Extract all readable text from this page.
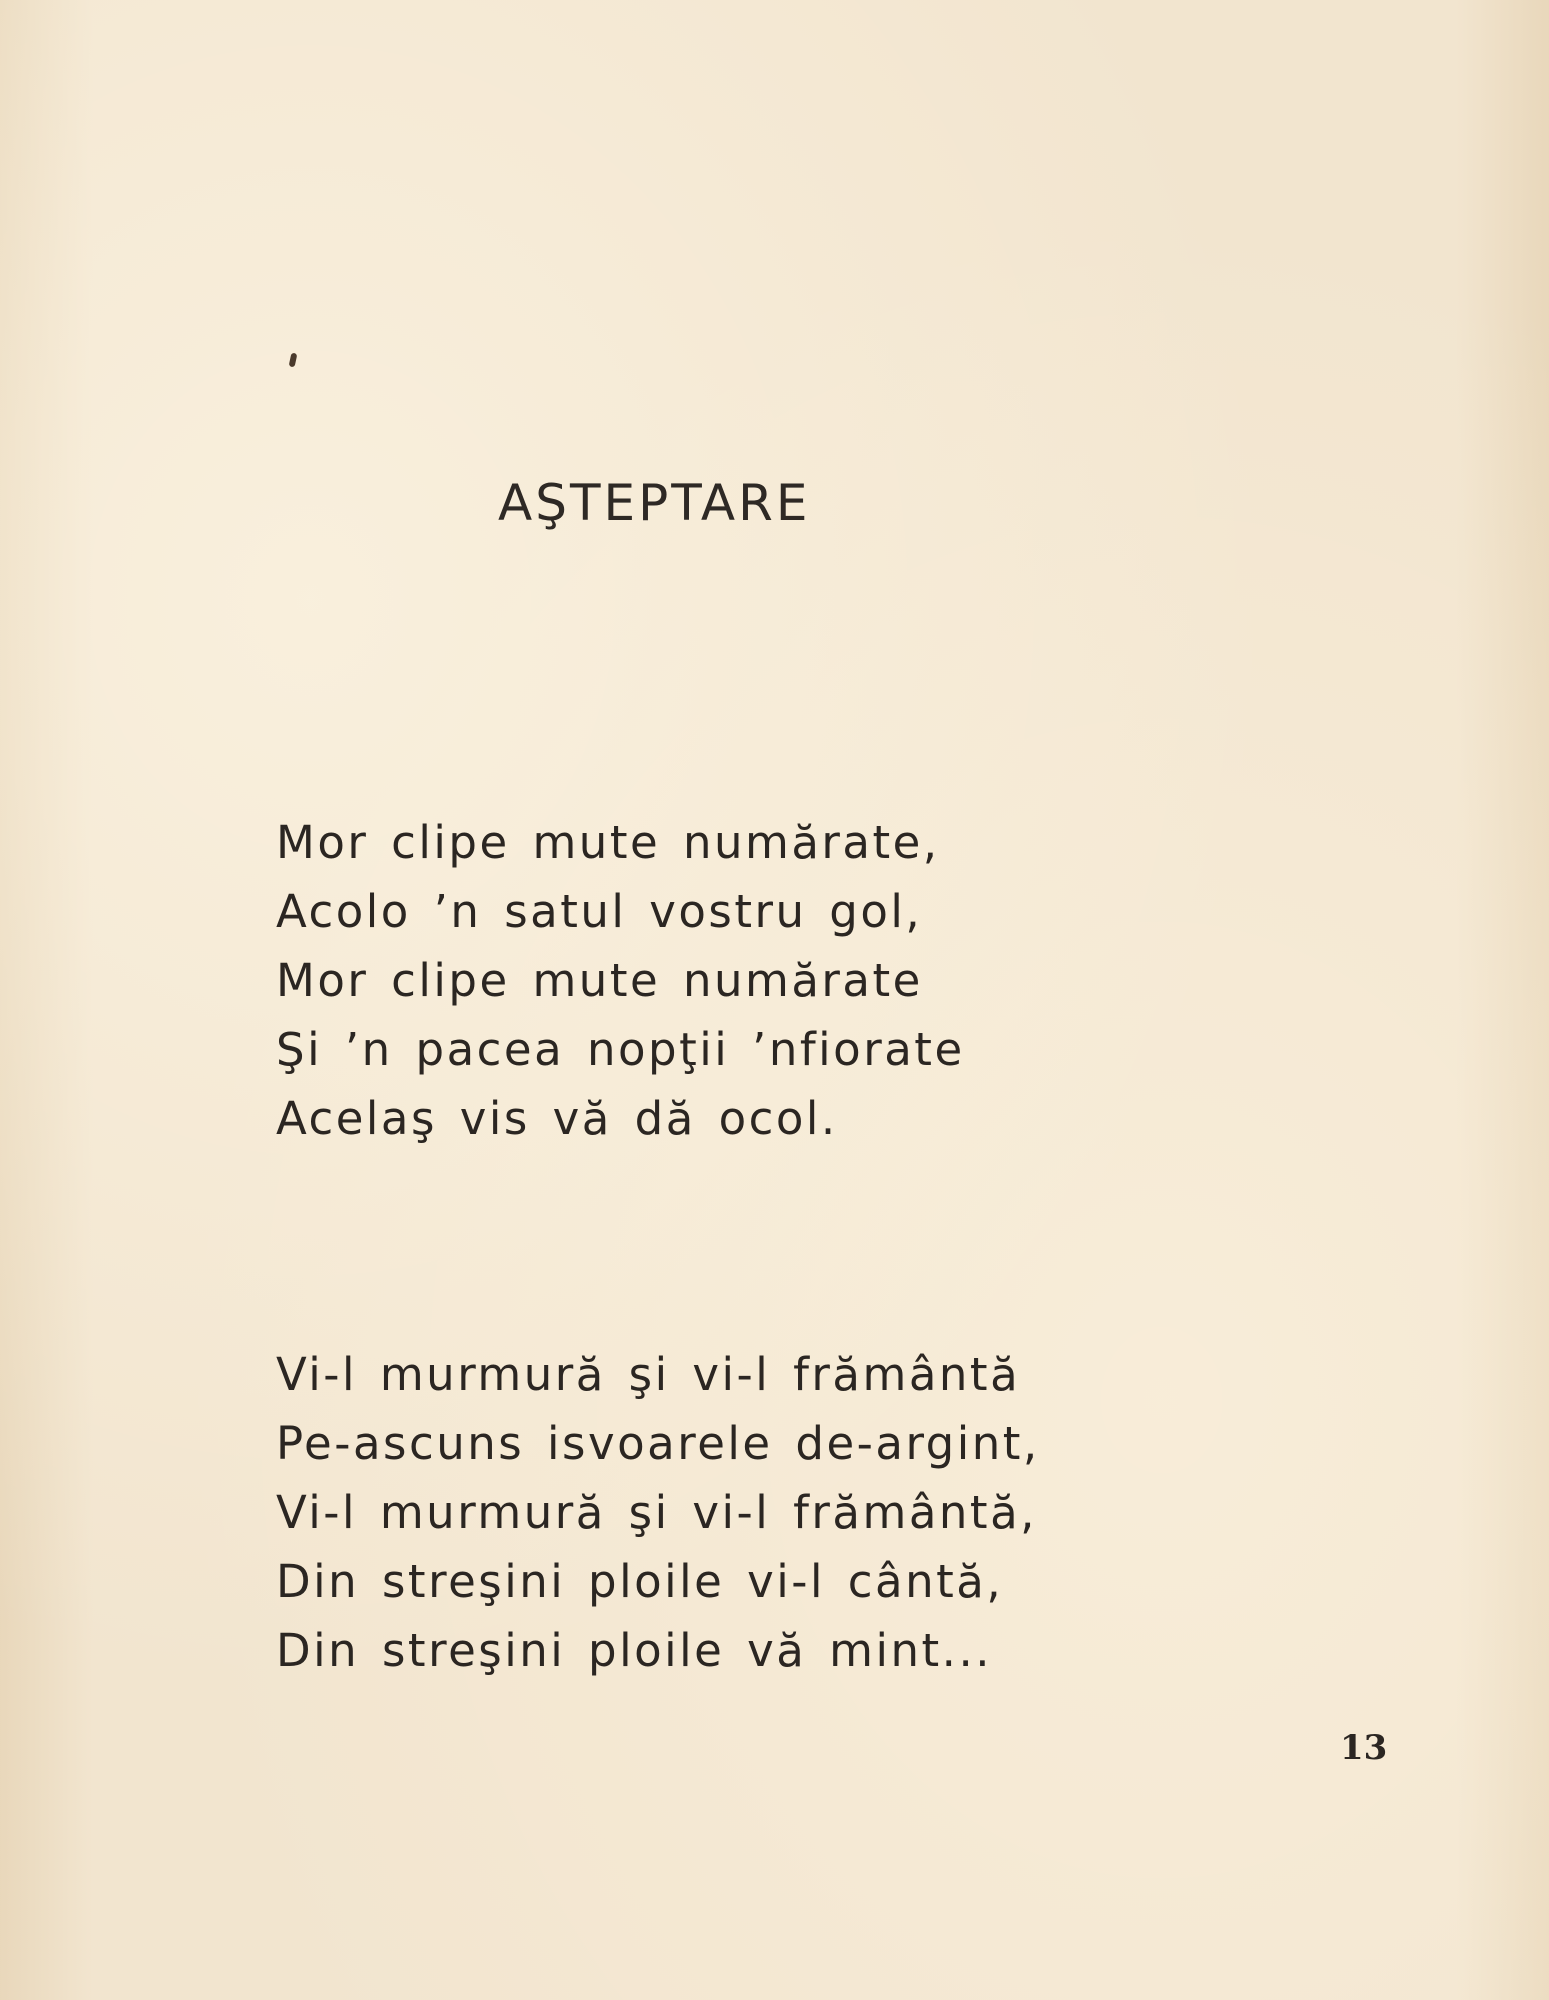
AŞTEPTARE
Mor clipe mute numărate,
Acolo ’n satul vostru gol,
Mor clipe mute numărate
Şi ’n pacea nopţii ’nfiorate
Acelaş vis vă dă ocol.
Vi-l murmură şi vi-l frământă
Pe-ascuns isvoarele de-argint,
Vi-l murmură şi vi-l frământă,
Din streşini ploile vi-l cântă,
Din streşini ploile vă mint...
13
